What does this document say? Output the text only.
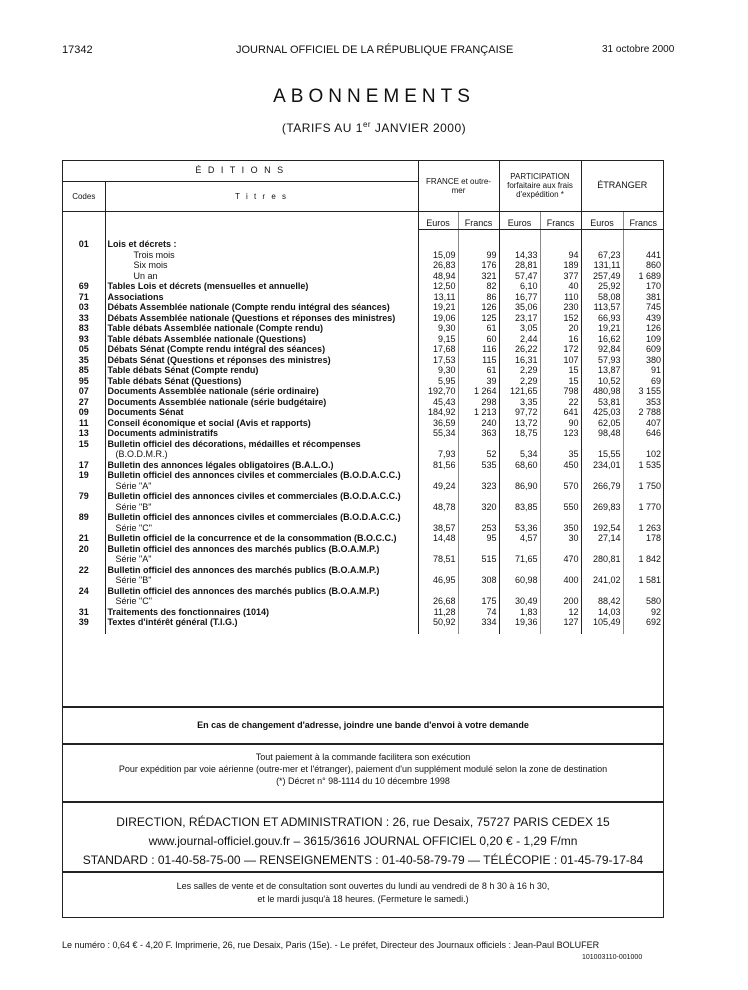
17342	JOURNAL OFFICIEL DE LA RÉPUBLIQUE FRANÇAISE	31 octobre 2000
ABONNEMENTS
(TARIFS AU 1er JANVIER 2000)
É D I T I O N S		FRANCE et outre-mer		PARTICIPATION forfaitaire aux frais d'expédition *		ÉTRANGER	
Codes	T i t r e s						
		Euros	Francs	Euros	Francs	Euros	Francs

01	Lois et décrets :						
	Trois mois	15,09	99	14,33	94	67,23	441
	Six mois	26,83	176	28,81	189	131,11	860
	Un an	48,94	321	57,47	377	257,49	1 689
69	Tables Lois et décrets (mensuelles et annuelle)	12,50	82	6,10	40	25,92	170
71	Associations	13,11	86	16,77	110	58,08	381
03	Débats Assemblée nationale (Compte rendu intégral des séances)	19,21	126	35,06	230	113,57	745
33	Débats Assemblée nationale (Questions et réponses des ministres)	19,06	125	23,17	152	66,93	439
83	Table débats Assemblée nationale (Compte rendu)	9,30	61	3,05	20	19,21	126
93	Table débats Assemblée nationale (Questions)	9,15	60	2,44	16	16,62	109
05	Débats Sénat (Compte rendu intégral des séances)	17,68	116	26,22	172	92,84	609
35	Débats Sénat (Questions et réponses des ministres)	17,53	115	16,31	107	57,93	380
85	Table débats Sénat (Compte rendu)	9,30	61	2,29	15	13,87	91
95	Table débats Sénat (Questions)	5,95	39	2,29	15	10,52	69
07	Documents Assemblée nationale (série ordinaire)	192,70	1 264	121,65	798	480,98	3 155
27	Documents Assemblée nationale (série budgétaire)	45,43	298	3,35	22	53,81	353
09	Documents Sénat	184,92	1 213	97,72	641	425,03	2 788
11	Conseil économique et social (Avis et rapports)	36,59	240	13,72	90	62,05	407
13	Documents administratifs	55,34	363	18,75	123	98,48	646
15	Bulletin officiel des décorations, médailles et récompenses						
	(B.O.D.M.R.)	7,93	52	5,34	35	15,55	102
17	Bulletin des annonces légales obligatoires (B.A.L.O.)	81,56	535	68,60	450	234,01	1 535
19	Bulletin officiel des annonces civiles et commerciales (B.O.D.A.C.C.)						
	Série "A"	49,24	323	86,90	570	266,79	1 750
79	Bulletin officiel des annonces civiles et commerciales (B.O.D.A.C.C.)						
	Série "B"	48,78	320	83,85	550	269,83	1 770
89	Bulletin officiel des annonces civiles et commerciales (B.O.D.A.C.C.)						
	Série "C"	38,57	253	53,36	350	192,54	1 263
21	Bulletin officiel de la concurrence et de la consommation (B.O.C.C.)	14,48	95	4,57	30	27,14	178
20	Bulletin officiel des annonces des marchés publics (B.O.A.M.P.)						
	Série "A"	78,51	515	71,65	470	280,81	1 842
22	Bulletin officiel des annonces des marchés publics (B.O.A.M.P.)						
	Série "B"	46,95	308	60,98	400	241,02	1 581
24	Bulletin officiel des annonces des marchés publics (B.O.A.M.P.)						
	Série "C"	26,68	175	30,49	200	88,42	580
31	Traitements des fonctionnaires (1014)	11,28	74	1,83	12	14,03	92
39	Textes d'intérêt général (T.I.G.)	50,92	334	19,36	127	105,49	692

En cas de changement d'adresse, joindre une bande d'envoi à votre demande
Tout paiement à la commande facilitera son exécution
Pour expédition par voie aérienne (outre-mer et l'étranger), paiement d'un supplément modulé selon la zone de destination
(*) Décret n° 98-1114 du 10 décembre 1998
DIRECTION, RÉDACTION ET ADMINISTRATION : 26, rue Desaix, 75727 PARIS CEDEX 15
www.journal-officiel.gouv.fr – 3615/3616 JOURNAL OFFICIEL 0,20 € - 1,29 F/mn
STANDARD : 01-40-58-75-00 — RENSEIGNEMENTS : 01-40-58-79-79 — TÉLÉCOPIE : 01-45-79-17-84
Les salles de vente et de consultation sont ouvertes du lundi au vendredi de 8 h 30 à 16 h 30,
et le mardi jusqu'à 18 heures. (Fermeture le samedi.)
Le numéro : 0,64 € - 4,20 F. Imprimerie, 26, rue Desaix, Paris (15e). - Le préfet, Directeur des Journaux officiels : Jean-Paul BOLUFER
101003110-001000
